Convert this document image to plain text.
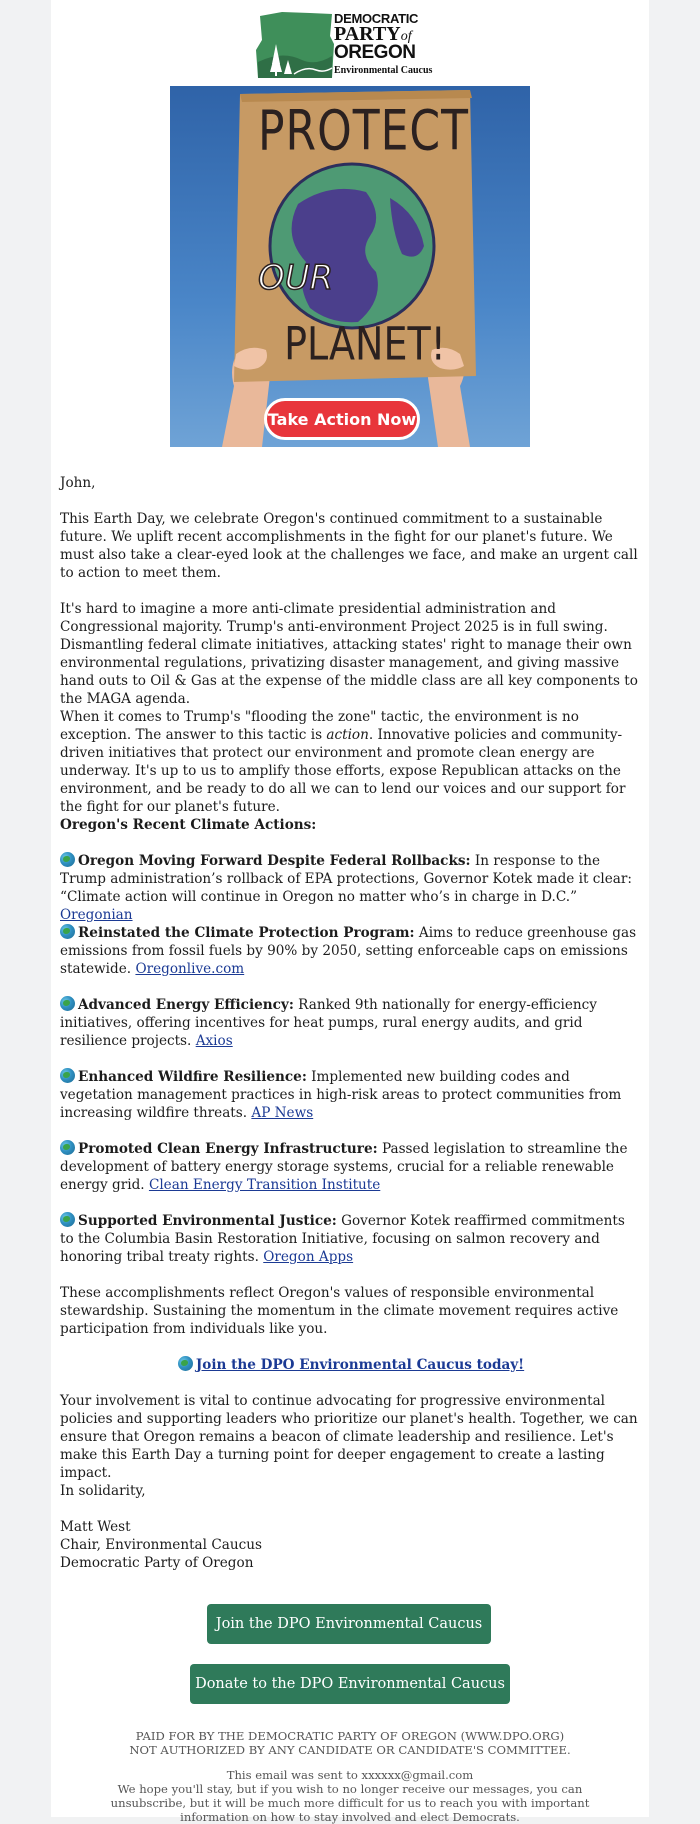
DEMOCRATIC
PARTYof
OREGON
Environmental Caucus
PROTECT
OUR
PLANET!
Take Action Now

John,

This Earth Day, we celebrate Oregon's continued commitment to a sustainable future. We uplift recent accomplishments in the fight for our planet's future. We must also take a clear-eyed look at the challenges we face, and make an urgent call to action to meet them.

It's hard to imagine a more anti-climate presidential administration and Congressional majority. Trump's anti-environment Project 2025 is in full swing. Dismantling federal climate initiatives, attacking states' right to manage their own environmental regulations, privatizing disaster management, and giving massive hand outs to Oil & Gas at the expense of the middle class are all key components to the MAGA agenda.

When it comes to Trump's "flooding the zone" tactic, the environment is no exception. The answer to this tactic is action. Innovative policies and community-driven initiatives that protect our environment and promote clean energy are underway. It's up to us to amplify those efforts, expose Republican attacks on the environment, and be ready to do all we can to lend our voices and our support for the fight for our planet's future.

Oregon's Recent Climate Actions:

Oregon Moving Forward Despite Federal Rollbacks: In response to the Trump administration’s rollback of EPA protections, Governor Kotek made it clear: “Climate action will continue in Oregon no matter who’s in charge in D.C.” Oregonian

Reinstated the Climate Protection Program: Aims to reduce greenhouse gas emissions from fossil fuels by 90% by 2050, setting enforceable caps on emissions statewide. Oregonlive.com

Advanced Energy Efficiency: Ranked 9th nationally for energy-efficiency initiatives, offering incentives for heat pumps, rural energy audits, and grid resilience projects. Axios

Enhanced Wildfire Resilience: Implemented new building codes and vegetation management practices in high-risk areas to protect communities from increasing wildfire threats. AP News

Promoted Clean Energy Infrastructure: Passed legislation to streamline the development of battery energy storage systems, crucial for a reliable renewable energy grid. Clean Energy Transition Institute

Supported Environmental Justice: Governor Kotek reaffirmed commitments to the Columbia Basin Restoration Initiative, focusing on salmon recovery and honoring tribal treaty rights. Oregon Apps

These accomplishments reflect Oregon's values of responsible environmental stewardship. Sustaining the momentum in the climate movement requires active participation from individuals like you.

Join the DPO Environmental Caucus today!

Your involvement is vital to continue advocating for progressive environmental policies and supporting leaders who prioritize our planet's health. Together, we can ensure that Oregon remains a beacon of climate leadership and resilience. Let's make this Earth Day a turning point for deeper engagement to create a lasting impact.

In solidarity,

Matt West

Chair, Environmental Caucus

Democratic Party of Oregon

Join the DPO Environmental Caucus
Donate to the DPO Environmental Caucus
PAID FOR BY THE DEMOCRATIC PARTY OF OREGON (WWW.DPO.ORG)
NOT AUTHORIZED BY ANY CANDIDATE OR CANDIDATE'S COMMITTEE.
This email was sent to xxxxxx@gmail.com
We hope you'll stay, but if you wish to no longer receive our messages, you can unsubscribe, but it will be much more difficult for us to reach you with important information on how to stay involved and elect Democrats.
